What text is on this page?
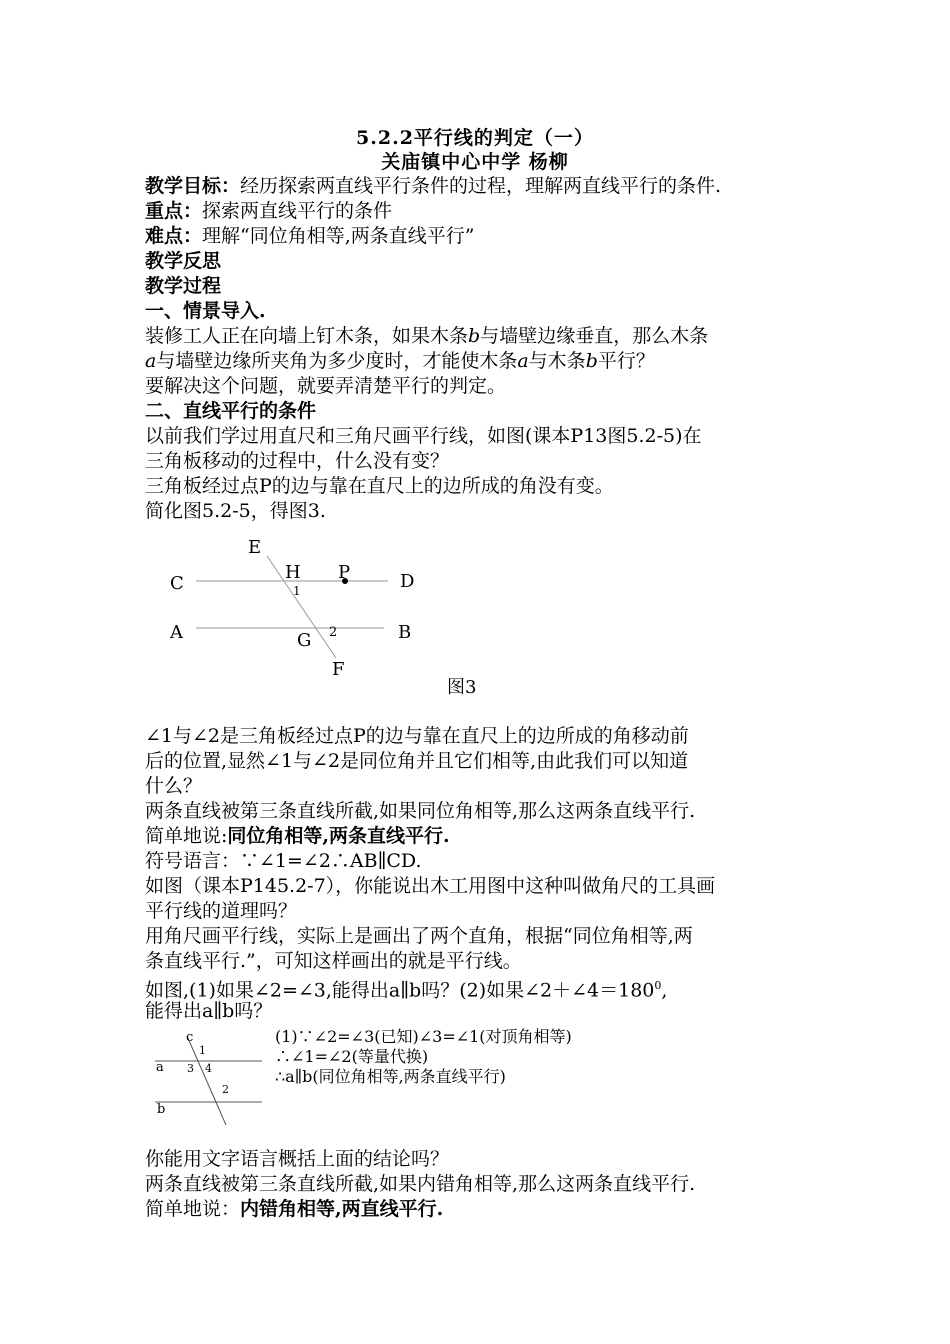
5.2.2平行线的判定（一）
关庙镇中心中学 杨柳
教学目标：经历探索两直线平行条件的过程，理解两直线平行的条件.
重点：探索两直线平行的条件
难点：理解“同位角相等,两条直线平行”
教学反思
教学过程
一、情景导入.
装修工人正在向墙上钉木条，如果木条b与墙壁边缘垂直，那么木条
a与墙壁边缘所夹角为多少度时，才能使木条a与木条b平行？
要解决这个问题，就要弄清楚平行的判定。
二、直线平行的条件
以前我们学过用直尺和三角尺画平行线，如图(课本P13图5.2-5)在
三角板移动的过程中，什么没有变？
三角板经过点P的边与靠在直尺上的边所成的角没有变。
简化图5.2-5，得图3.
E
H P
C	D
1
A	B
G 2
F
图3
∠1与∠2是三角板经过点P的边与靠在直尺上的边所成的角移动前
后的位置,显然∠1与∠2是同位角并且它们相等,由此我们可以知道
什么？
两条直线被第三条直线所截,如果同位角相等,那么这两条直线平行.
简单地说:同位角相等,两条直线平行.
符号语言：∵∠1=∠2∴AB∥CD.
如图（课本P145.2-7），你能说出木工用图中这种叫做角尺的工具画
平行线的道理吗？
用角尺画平行线，实际上是画出了两个直角，根据“同位角相等,两
条直线平行.”，可知这样画出的就是平行线。
如图,(1)如果∠2=∠3,能得出a∥b吗？(2)如果$\angle 2+\angle 4=180^0$,
能得出a∥b吗？
c
1
a 3 4
2
b
(1)∵∠2=∠3(已知)∠3=∠1(对顶角相等)
∴∠1=∠2(等量代换)
∴a∥b(同位角相等,两条直线平行)
你能用文字语言概括上面的结论吗？
两条直线被第三条直线所截,如果内错角相等,那么这两条直线平行.
简单地说：内错角相等,两直线平行.
